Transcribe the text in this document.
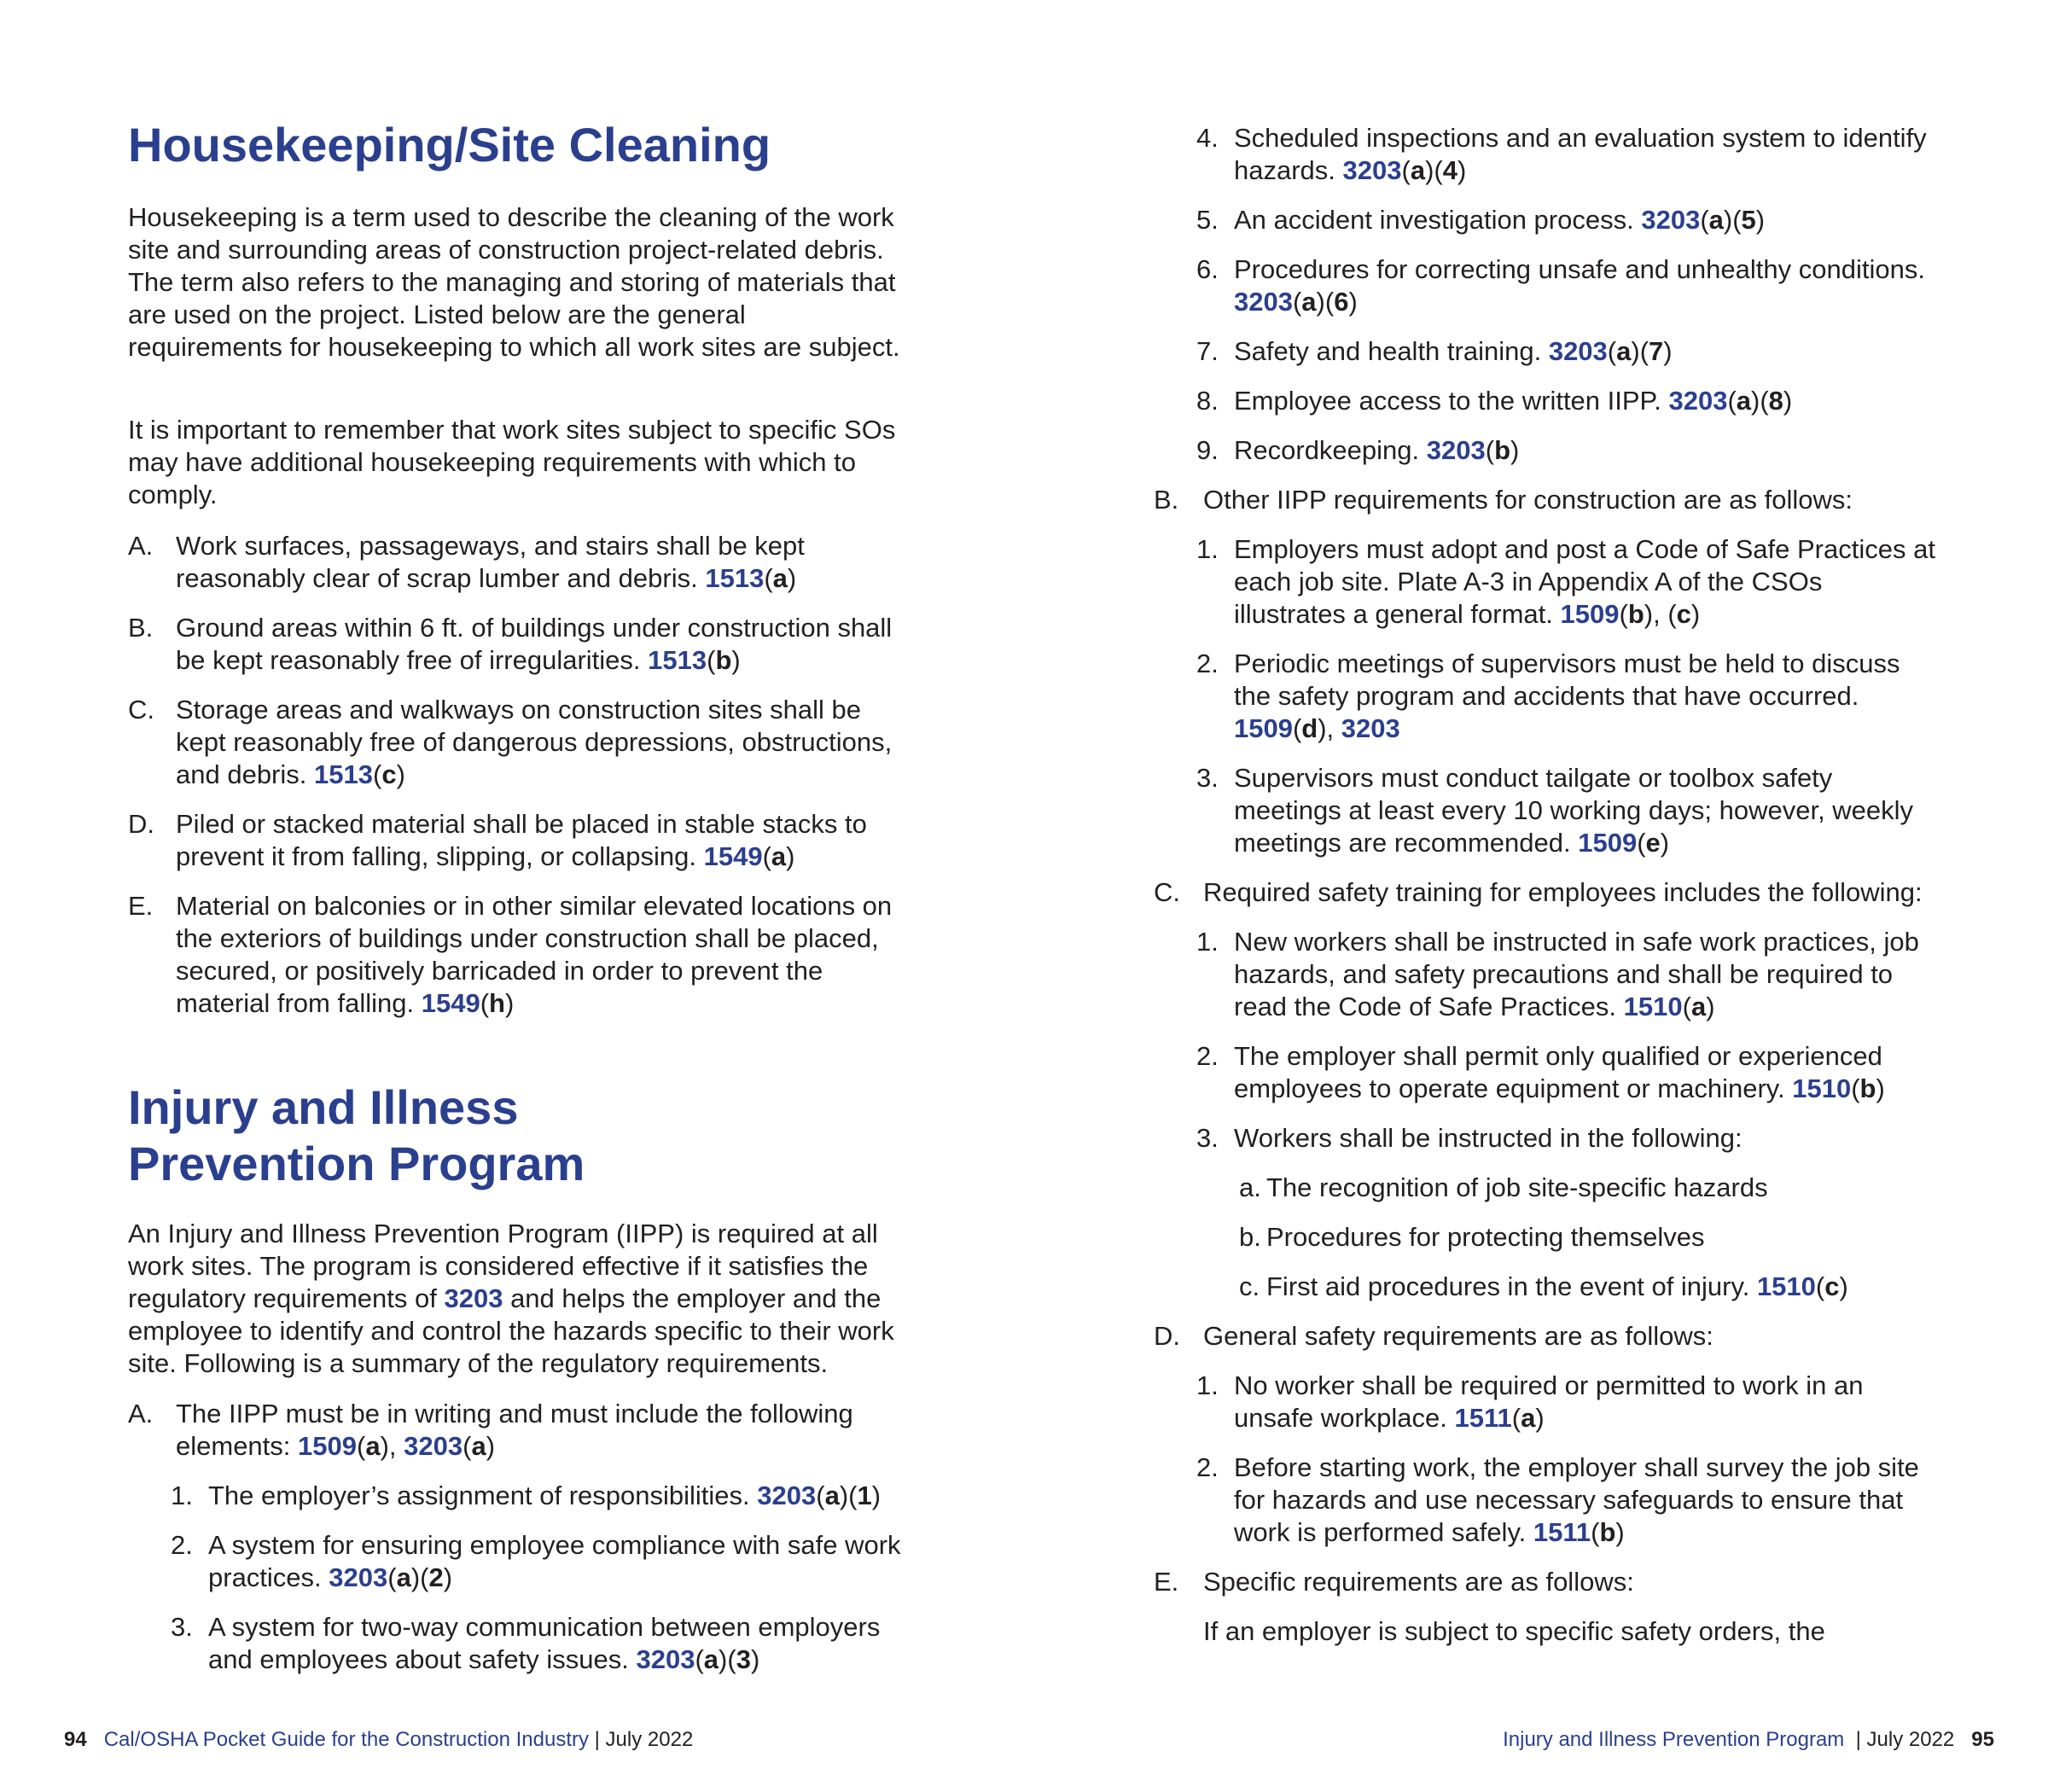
Housekeeping/Site Cleaning

Housekeeping is a term used to describe the cleaning of the work site and surrounding areas of construction project-related debris. The term also refers to the managing and storing of materials that are used on the project. Listed below are the general requirements for housekeeping to which all work sites are subject.

It is important to remember that work sites subject to specific SOs may have additional housekeeping requirements with which to comply.

A. Work surfaces, passageways, and stairs shall be kept reasonably clear of scrap lumber and debris. 1513(a)
B. Ground areas within 6 ft. of buildings under construction shall be kept reasonably free of irregularities. 1513(b)
C. Storage areas and walkways on construction sites shall be kept reasonably free of dangerous depressions, obstructions, and debris. 1513(c)
D. Piled or stacked material shall be placed in stable stacks to prevent it from falling, slipping, or collapsing. 1549(a)
E. Material on balconies or in other similar elevated locations on the exteriors of buildings under construction shall be placed, secured, or positively barricaded in order to prevent the material from falling. 1549(h)
Injury and Illness
Prevention Program

An Injury and Illness Prevention Program (IIPP) is required at all work sites. The program is considered effective if it satisfies the regulatory requirements of 3203 and helps the employer and the employee to identify and control the hazards specific to their work site. Following is a summary of the regulatory requirements.

A. The IIPP must be in writing and must include the following elements: 1509(a), 3203(a)
1. The employer’s assignment of responsibilities. 3203(a)(1)
2. A system for ensuring employee compliance with safe work practices. 3203(a)(2)
3. A system for two-way communication between employers and employees about safety issues. 3203(a)(3)
94 Cal/OSHA Pocket Guide for the Construction Industry | July 2022
4. Scheduled inspections and an evaluation system to identify hazards. 3203(a)(4)
5. An accident investigation process. 3203(a)(5)
6. Procedures for correcting unsafe and unhealthy conditions. 3203(a)(6)
7. Safety and health training. 3203(a)(7)
8. Employee access to the written IIPP. 3203(a)(8)
9. Recordkeeping. 3203(b)
B. Other IIPP requirements for construction are as follows:
1. Employers must adopt and post a Code of Safe Practices at each job site. Plate A-3 in Appendix A of the CSOs illustrates a general format. 1509(b), (c)
2. Periodic meetings of supervisors must be held to discuss the safety program and accidents that have occurred. 1509(d), 3203
3. Supervisors must conduct tailgate or toolbox safety meetings at least every 10 working days; however, weekly meetings are recommended. 1509(e)
C. Required safety training for employees includes the following:
1. New workers shall be instructed in safe work practices, job hazards, and safety precautions and shall be required to read the Code of Safe Practices. 1510(a)
2. The employer shall permit only qualified or experienced employees to operate equipment or machinery. 1510(b)
3. Workers shall be instructed in the following:
a. The recognition of job site-specific hazards
b. Procedures for protecting themselves
c. First aid procedures in the event of injury. 1510(c)
D. General safety requirements are as follows:
1. No worker shall be required or permitted to work in an unsafe workplace. 1511(a)
2. Before starting work, the employer shall survey the job site for hazards and use necessary safeguards to ensure that work is performed safely. 1511(b)
E. Specific requirements are as follows:

If an employer is subject to specific safety orders, the

Injury and Illness Prevention Program | July 2022 95
